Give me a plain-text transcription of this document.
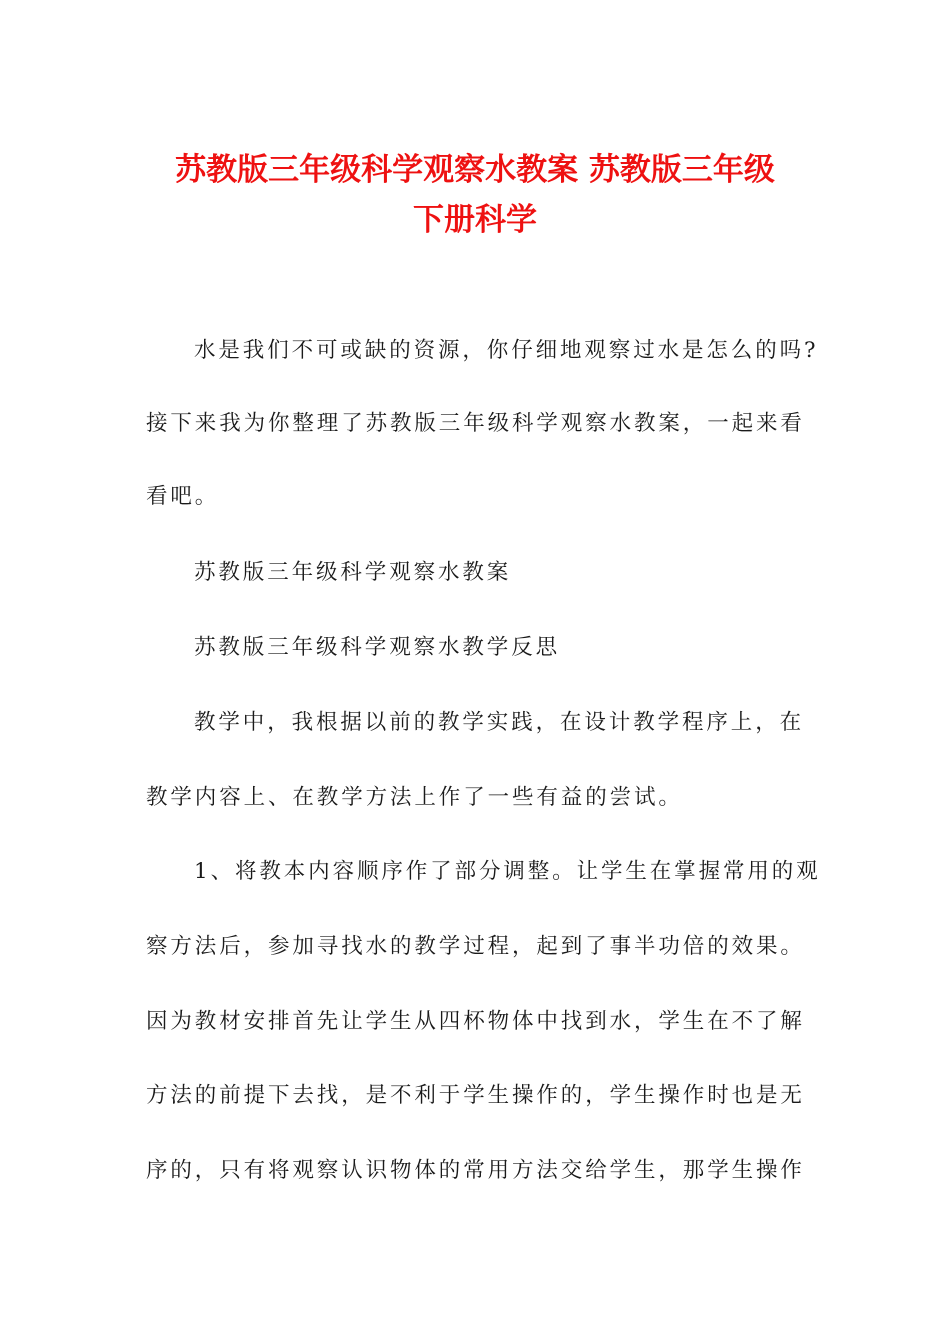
苏教版三年级科学观察水教案 苏教版三年级
下册科学
水是我们不可或缺的资源，你仔细地观察过水是怎么的吗?
接下来我为你整理了苏教版三年级科学观察水教案，一起来看
看吧。
苏教版三年级科学观察水教案
苏教版三年级科学观察水教学反思
教学中，我根据以前的教学实践，在设计教学程序上，在
教学内容上、在教学方法上作了一些有益的尝试。
1、将教本内容顺序作了部分调整。让学生在掌握常用的观
察方法后，参加寻找水的教学过程，起到了事半功倍的效果。
因为教材安排首先让学生从四杯物体中找到水，学生在不了解
方法的前提下去找，是不利于学生操作的，学生操作时也是无
序的，只有将观察认识物体的常用方法交给学生，那学生操作
